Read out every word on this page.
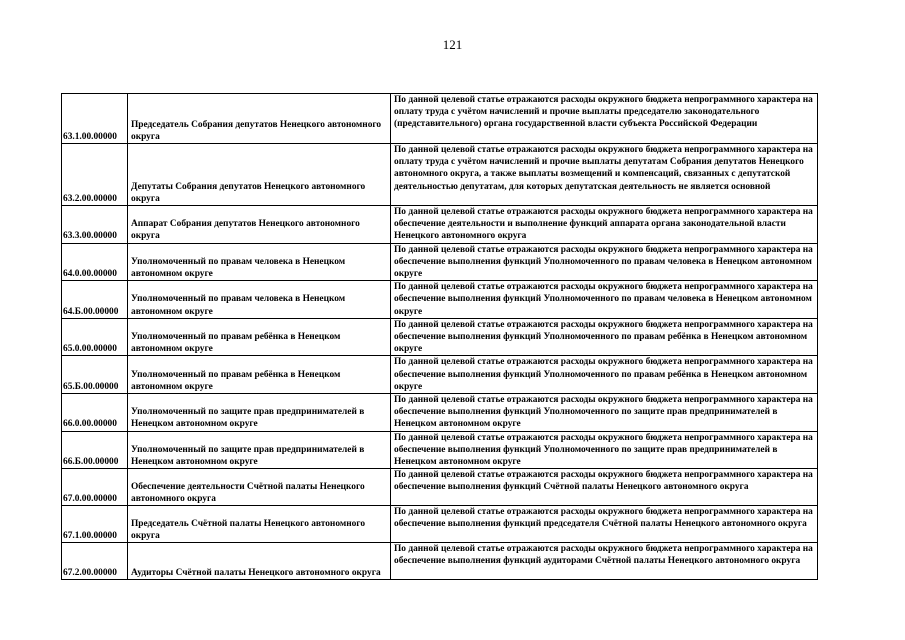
121
63.1.00.00000	Председатель Собрания депутатов Ненецкого автономного округа	По данной целевой статье отражаются расходы окружного бюджета непрограммного характера на оплату труда с учётом начислений и прочие выплаты председателю законодательного (представительного) органа государственной власти субъекта Российской Федерации
63.2.00.00000	Депутаты Собрания депутатов Ненецкого автономного округа	По данной целевой статье отражаются расходы окружного бюджета непрограммного характера на оплату труда с учётом начислений и прочие выплаты депутатам Собрания депутатов Ненецкого автономного округа, а также выплаты возмещений и компенсаций, связанных с депутатской деятельностью депутатам, для которых депутатская деятельность не является основной
63.3.00.00000	Аппарат Собрания депутатов Ненецкого автономного округа	По данной целевой статье отражаются расходы окружного бюджета непрограммного характера на обеспечение деятельности и выполнение функций аппарата органа законодательной власти Ненецкого автономного округа
64.0.00.00000	Уполномоченный по правам человека в Ненецком автономном округе	По данной целевой статье отражаются расходы окружного бюджета непрограммного характера на обеспечение выполнения функций Уполномоченного по правам человека в Ненецком автономном округе
64.Б.00.00000	Уполномоченный по правам человека в Ненецком автономном округе	По данной целевой статье отражаются расходы окружного бюджета непрограммного характера на обеспечение выполнения функций Уполномоченного по правам человека в Ненецком автономном округе
65.0.00.00000	Уполномоченный по правам ребёнка в Ненецком автономном округе	По данной целевой статье отражаются расходы окружного бюджета непрограммного характера на обеспечение выполнения функций Уполномоченного по правам ребёнка в Ненецком автономном округе
65.Б.00.00000	Уполномоченный по правам ребёнка в Ненецком автономном округе	По данной целевой статье отражаются расходы окружного бюджета непрограммного характера на обеспечение выполнения функций Уполномоченного по правам ребёнка в Ненецком автономном округе
66.0.00.00000	Уполномоченный по защите прав предпринимателей в Ненецком автономном округе	По данной целевой статье отражаются расходы окружного бюджета непрограммного характера на обеспечение выполнения функций Уполномоченного по защите прав предпринимателей в Ненецком автономном округе
66.Б.00.00000	Уполномоченный по защите прав предпринимателей в Ненецком автономном округе	По данной целевой статье отражаются расходы окружного бюджета непрограммного характера на обеспечение выполнения функций Уполномоченного по защите прав предпринимателей в Ненецком автономном округе
67.0.00.00000	Обеспечение деятельности Счётной палаты Ненецкого автономного округа	По данной целевой статье отражаются расходы окружного бюджета непрограммного характера на обеспечение выполнения функций Счётной палаты Ненецкого автономного округа
67.1.00.00000	Председатель Счётной палаты Ненецкого автономного округа	По данной целевой статье отражаются расходы окружного бюджета непрограммного характера на обеспечение выполнения функций председателя Счётной палаты Ненецкого автономного округа
67.2.00.00000	Аудиторы Счётной палаты Ненецкого автономного округа	По данной целевой статье отражаются расходы окружного бюджета непрограммного характера на обеспечение выполнения функций аудиторами Счётной палаты Ненецкого автономного округа
